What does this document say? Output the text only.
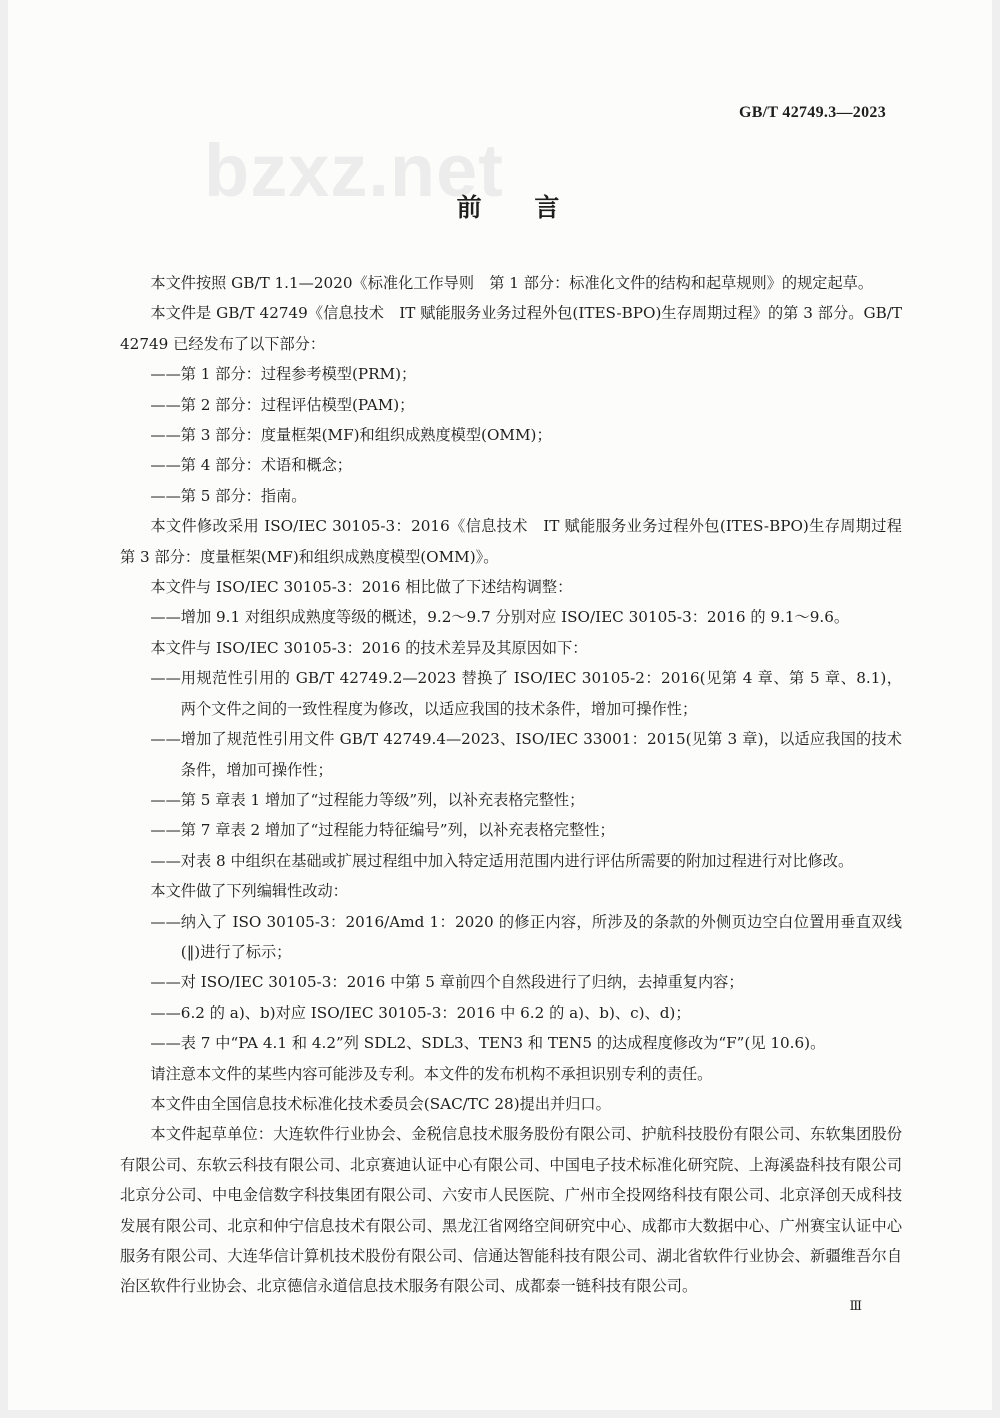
bzxz.net
GB/T 42749.3—2023
前 言

本文件按照 GB/T 1.1—2020《标准化工作导则　第 1 部分：标准化文件的结构和起草规则》的规定起草。

本文件是 GB/T 42749《信息技术　IT 赋能服务业务过程外包(ITES-BPO)生存周期过程》的第 3 部分。GB/T 42749 已经发布了以下部分：

—— 第 1 部分：过程参考模型(PRM)；
—— 第 2 部分：过程评估模型(PAM)；
—— 第 3 部分：度量框架(MF)和组织成熟度模型(OMM)；
—— 第 4 部分：术语和概念；
—— 第 5 部分：指南。

本文件修改采用 ISO/IEC 30105-3：2016《信息技术　IT 赋能服务业务过程外包(ITES-BPO)生存周期过程　第 3 部分：度量框架(MF)和组织成熟度模型(OMM)》。

本文件与 ISO/IEC 30105-3：2016 相比做了下述结构调整：

—— 增加 9.1 对组织成熟度等级的概述，9.2～9.7 分别对应 ISO/IEC 30105-3：2016 的 9.1～9.6。

本文件与 ISO/IEC 30105-3：2016 的技术差异及其原因如下：

—— 用规范性引用的 GB/T 42749.2—2023 替换了 ISO/IEC 30105-2：2016(见第 4 章、第 5 章、8.1)，两个文件之间的一致性程度为修改，以适应我国的技术条件，增加可操作性；
—— 增加了规范性引用文件 GB/T 42749.4—2023、ISO/IEC 33001：2015(见第 3 章)，以适应我国的技术条件，增加可操作性；
—— 第 5 章表 1 增加了“过程能力等级”列，以补充表格完整性；
—— 第 7 章表 2 增加了“过程能力特征编号”列，以补充表格完整性；
—— 对表 8 中组织在基础或扩展过程组中加入特定适用范围内进行评估所需要的附加过程进行对比修改。

本文件做了下列编辑性改动：

—— 纳入了 ISO 30105-3：2016/Amd 1：2020 的修正内容，所涉及的条款的外侧页边空白位置用垂直双线(‖)进行了标示；
—— 对 ISO/IEC 30105-3：2016 中第 5 章前四个自然段进行了归纳，去掉重复内容；
—— 6.2 的 a)、b)对应 ISO/IEC 30105-3：2016 中 6.2 的 a)、b)、c)、d)；
—— 表 7 中“PA 4.1 和 4.2”列 SDL2、SDL3、TEN3 和 TEN5 的达成程度修改为“F”(见 10.6)。

请注意本文件的某些内容可能涉及专利。本文件的发布机构不承担识别专利的责任。

本文件由全国信息技术标准化技术委员会(SAC/TC 28)提出并归口。

本文件起草单位：大连软件行业协会、金税信息技术服务股份有限公司、护航科技股份有限公司、东软集团股份有限公司、东软云科技有限公司、北京赛迪认证中心有限公司、中国电子技术标准化研究院、上海溪盎科技有限公司北京分公司、中电金信数字科技集团有限公司、六安市人民医院、广州市全投网络科技有限公司、北京泽创天成科技发展有限公司、北京和仲宁信息技术有限公司、黑龙江省网络空间研究中心、成都市大数据中心、广州赛宝认证中心服务有限公司、大连华信计算机技术股份有限公司、信通达智能科技有限公司、湖北省软件行业协会、新疆维吾尔自治区软件行业协会、北京德信永道信息技术服务有限公司、成都泰一链科技有限公司。

Ⅲ
